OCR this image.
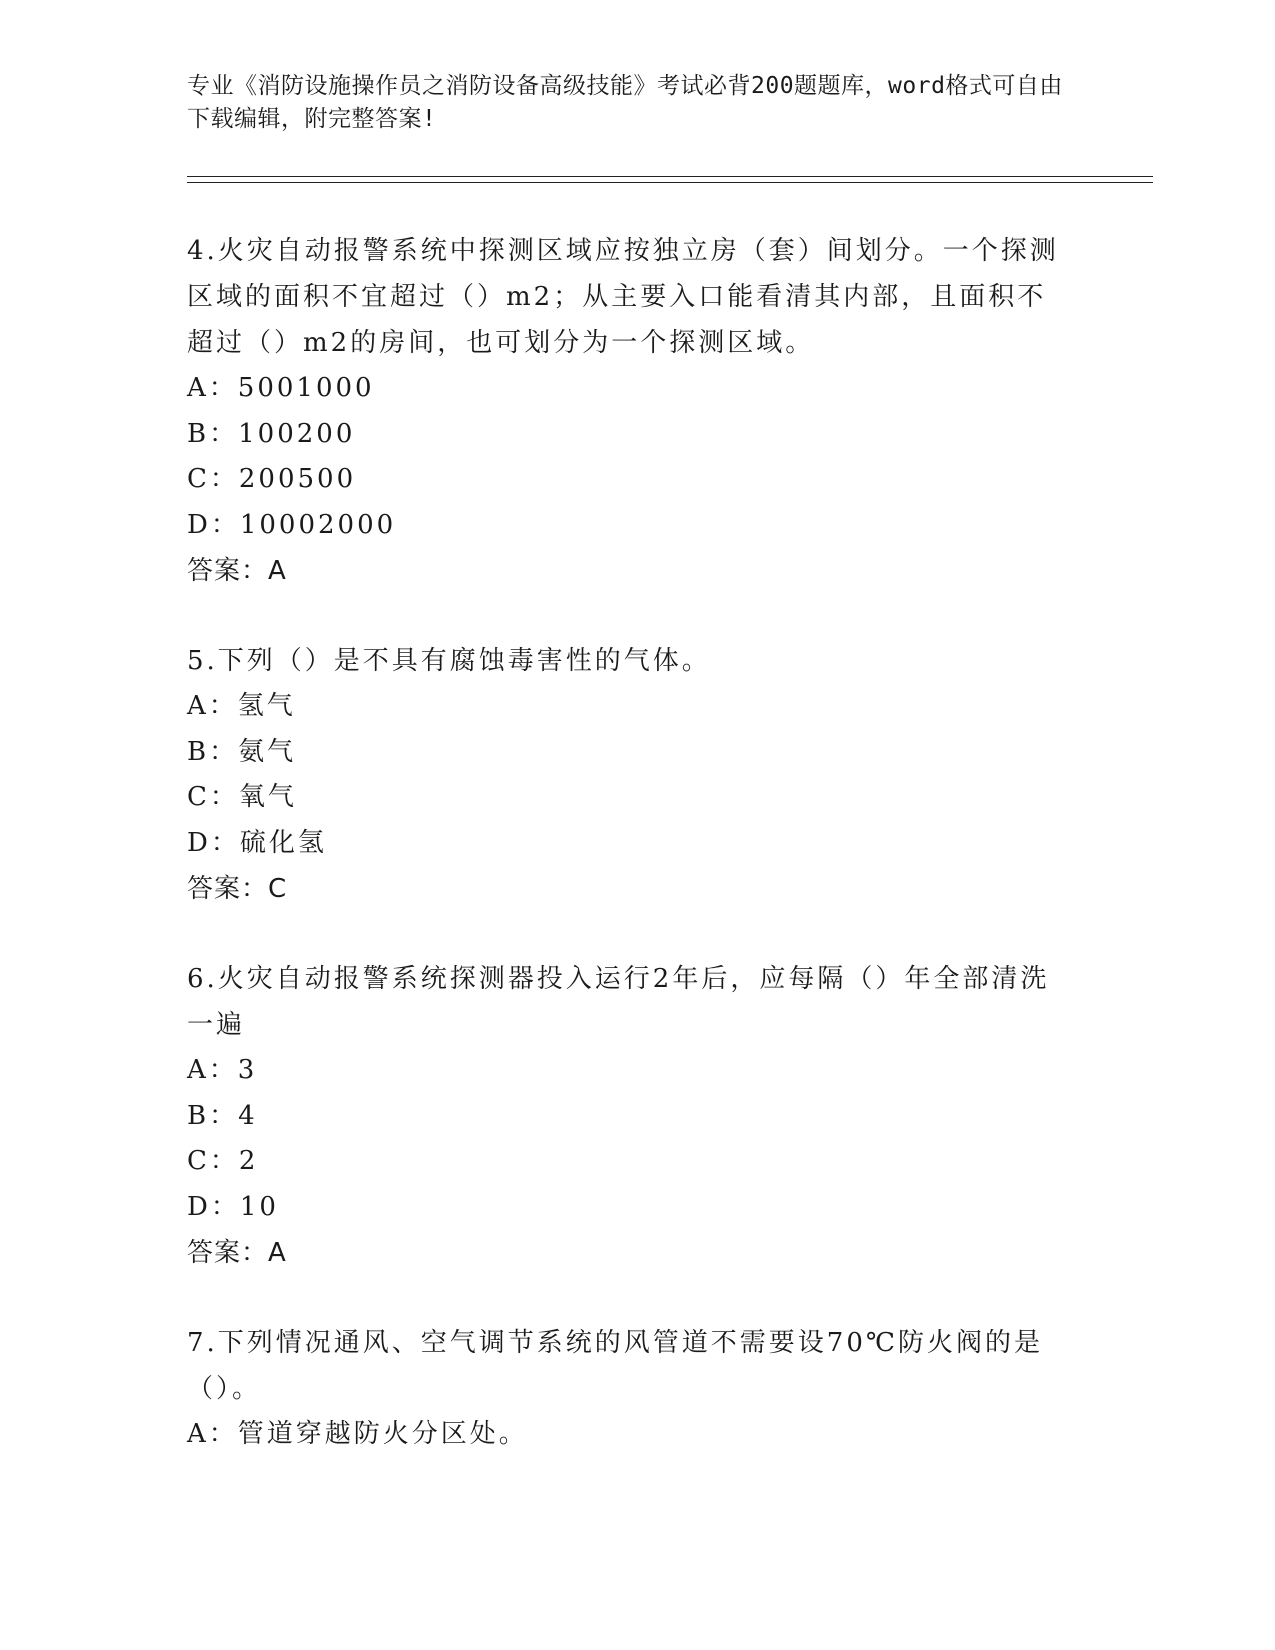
专业《消防设施操作员之消防设备高级技能》考试必背200题题库，word格式可自由下载编辑，附完整答案!

4.火灾自动报警系统中探测区域应按独立房（套）间划分。一个探测区域的面积不宜超过（）m2；从主要入口能看清其内部，且面积不超过（）m2的房间，也可划分为一个探测区域。

A：5001000

B：100200

C：200500

D：10002000

答案：A

5.下列（）是不具有腐蚀毒害性的气体。

A：氢气

B：氨气

C：氧气

D：硫化氢

答案：C

6.火灾自动报警系统探测器投入运行2年后，应每隔（）年全部清洗一遍

A：3

B：4

C：2

D：10

答案：A

7.下列情况通风、空气调节系统的风管道不需要设70℃防火阀的是（）。

A：管道穿越防火分区处。
